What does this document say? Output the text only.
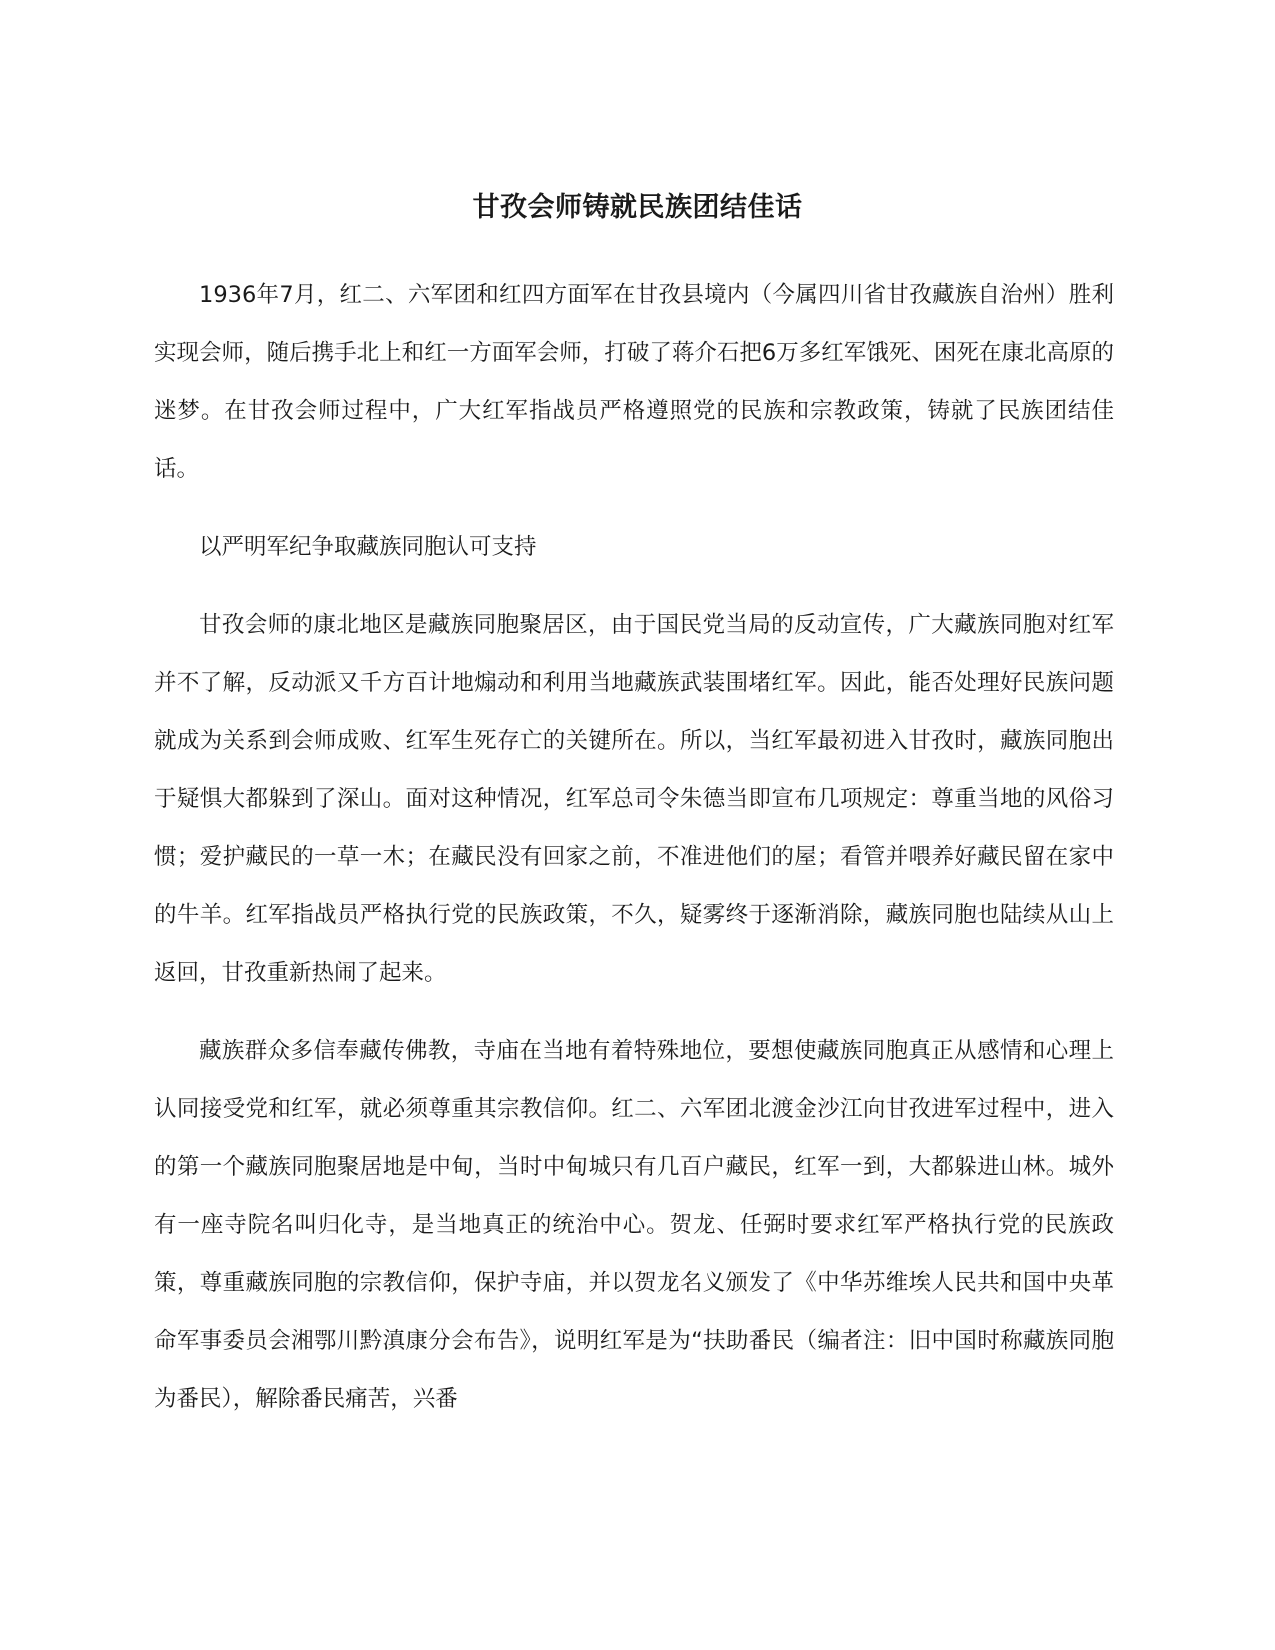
甘孜会师铸就民族团结佳话

1936年7月，红二、六军团和红四方面军在甘孜县境内（今属四川省甘孜藏族自治州）胜利实现会师，随后携手北上和红一方面军会师，打破了蒋介石把6万多红军饿死、困死在康北高原的迷梦。在甘孜会师过程中，广大红军指战员严格遵照党的民族和宗教政策，铸就了民族团结佳话。

以严明军纪争取藏族同胞认可支持

甘孜会师的康北地区是藏族同胞聚居区，由于国民党当局的反动宣传，广大藏族同胞对红军并不了解，反动派又千方百计地煽动和利用当地藏族武装围堵红军。因此，能否处理好民族问题就成为关系到会师成败、红军生死存亡的关键所在。所以，当红军最初进入甘孜时，藏族同胞出于疑惧大都躲到了深山。面对这种情况，红军总司令朱德当即宣布几项规定：尊重当地的风俗习惯；爱护藏民的一草一木；在藏民没有回家之前，不准进他们的屋；看管并喂养好藏民留在家中的牛羊。红军指战员严格执行党的民族政策，不久，疑雾终于逐渐消除，藏族同胞也陆续从山上返回，甘孜重新热闹了起来。

藏族群众多信奉藏传佛教，寺庙在当地有着特殊地位，要想使藏族同胞真正从感情和心理上认同接受党和红军，就必须尊重其宗教信仰。红二、六军团北渡金沙江向甘孜进军过程中，进入的第一个藏族同胞聚居地是中甸，当时中甸城只有几百户藏民，红军一到，大都躲进山林。城外有一座寺院名叫归化寺，是当地真正的统治中心。贺龙、任弼时要求红军严格执行党的民族政策，尊重藏族同胞的宗教信仰，保护寺庙，并以贺龙名义颁发了《中华苏维埃人民共和国中央革命军事委员会湘鄂川黔滇康分会布告》，说明红军是为“扶助番民（编者注：旧中国时称藏族同胞为番民），解除番民痛苦，兴番
